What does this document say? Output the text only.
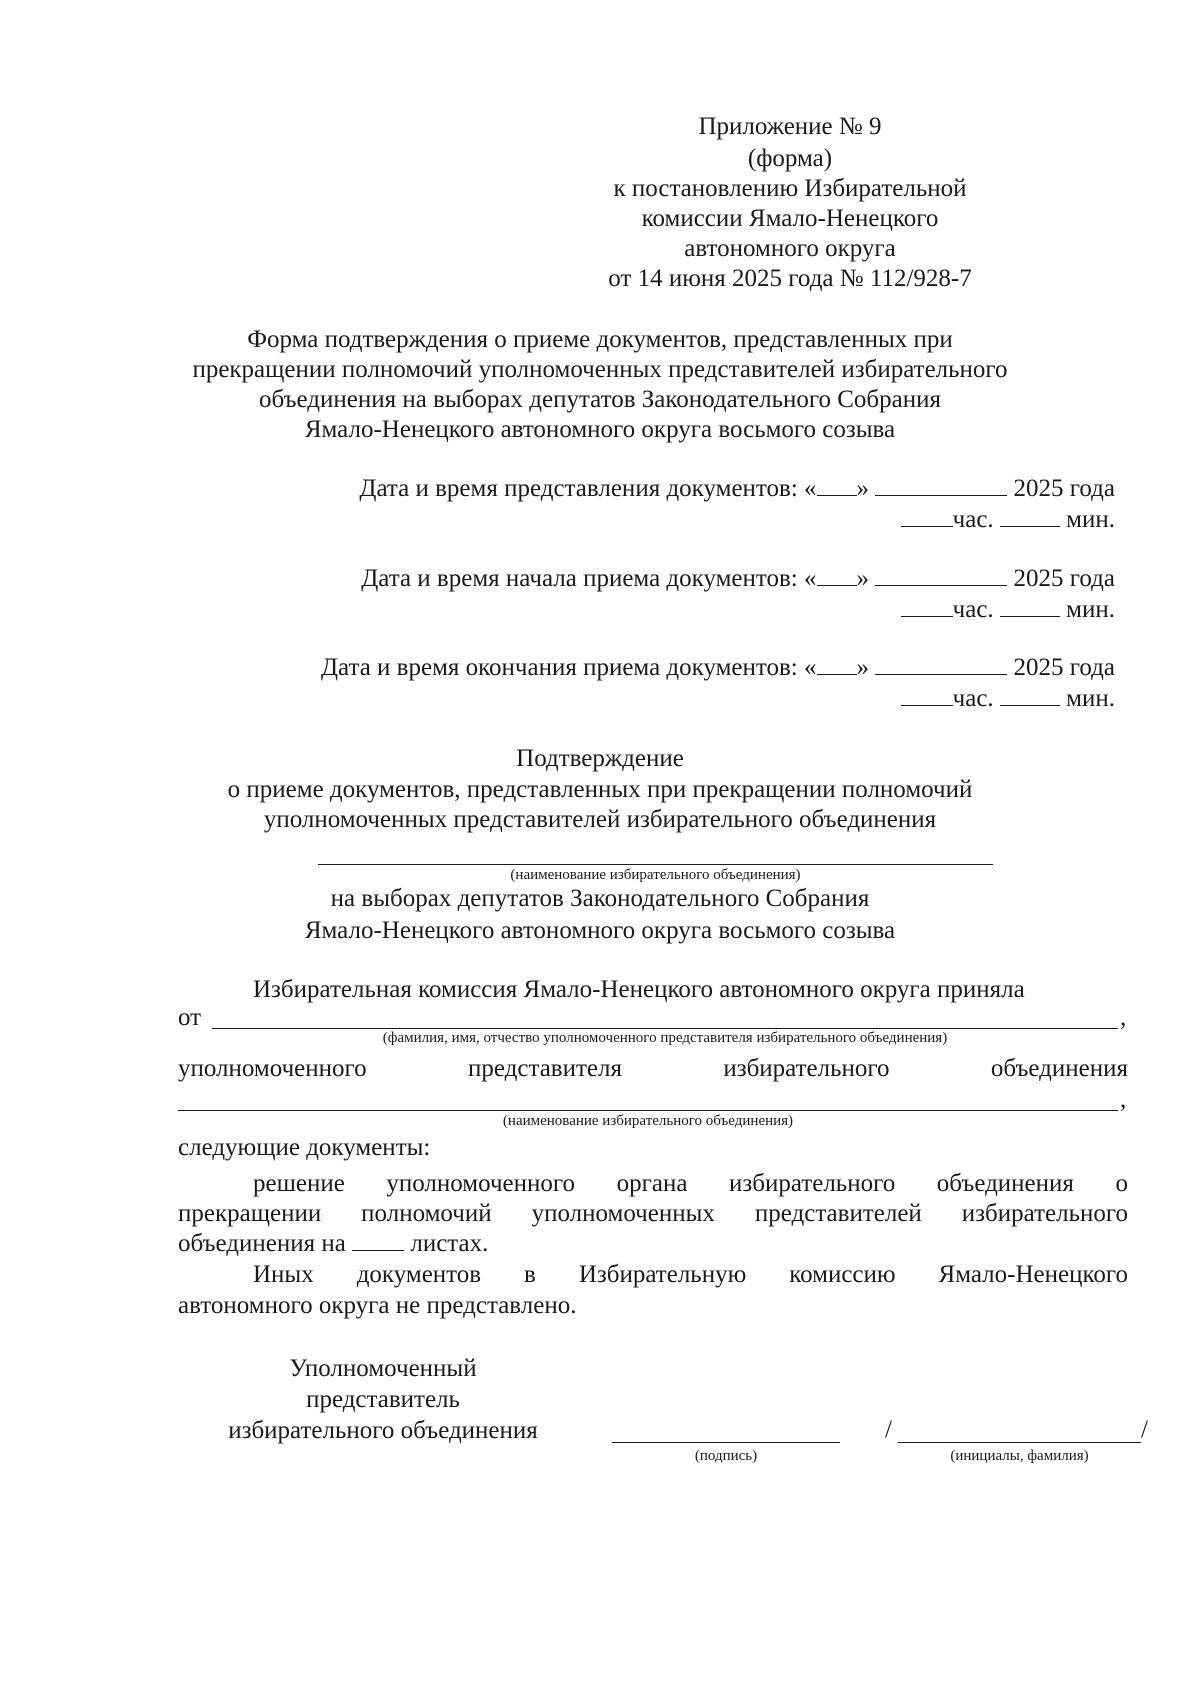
Приложение № 9
(форма)
к постановлению Избирательной
комиссии Ямало-Ненецкого
автономного округа
от 14 июня 2025 года № 112/928-7
Форма подтверждения о приеме документов, представленных при
прекращении полномочий уполномоченных представителей избирательного
объединения на выборах депутатов Законодательного Собрания
Ямало-Ненецкого автономного округа восьмого созыва
Дата и время представления документов: « »	2025 года
час.	мин.
Дата и время начала приема документов: « »	2025 года
час.	мин.
Дата и время окончания приема документов: « »	2025 года
час.	мин.
Подтверждение
о приеме документов, представленных при прекращении полномочий
уполномоченных представителей избирательного объединения
(наименование избирательного объединения)
на выборах депутатов Законодательного Собрания
Ямало-Ненецкого автономного округа восьмого созыва
Избирательная комиссия Ямало-Ненецкого автономного округа приняла
от	,
(фамилия, имя, отчество уполномоченного представителя избирательного объединения)
уполномоченного	представителя	избирательного	объединения
,
(наименование избирательного объединения)
следующие документы:
решение уполномоченного органа избирательного объединения о
прекращении полномочий уполномоченных представителей избирательного
объединения на	листах.
Иных документов в Избирательную комиссию Ямало-Ненецкого
автономного округа не представлено.
Уполномоченный
представитель
избирательного объединения
(подпись)
/	/
(инициалы, фамилия)
